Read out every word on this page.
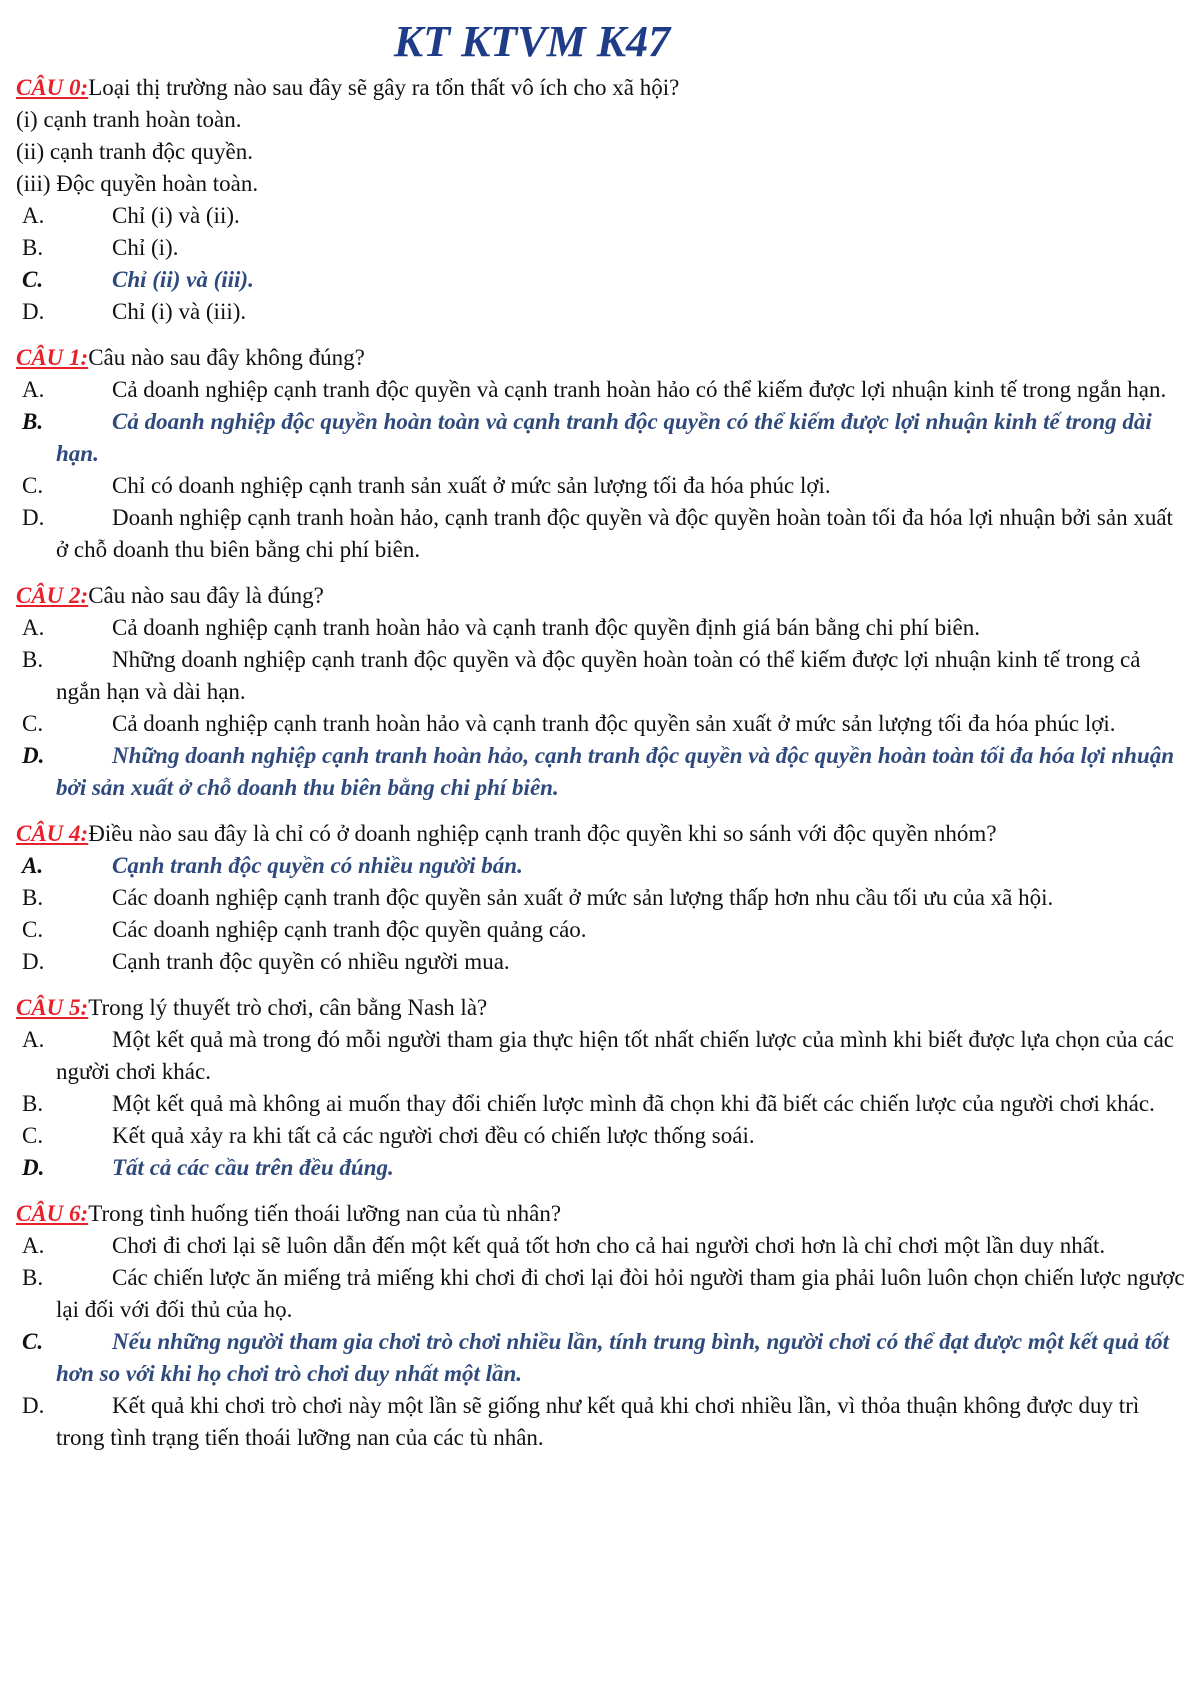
KT KTVM K47
CÂU 0:Loại thị trường nào sau đây sẽ gây ra tổn thất vô ích cho xã hội?
(i) cạnh tranh hoàn toàn.
(ii) cạnh tranh độc quyền.
(iii) Độc quyền hoàn toàn.
A.	Chỉ (i) và (ii).
B.	Chỉ (i).
C.	Chỉ (ii) và (iii).
D.	Chỉ (i) và (iii).
CÂU 1:Câu nào sau đây không đúng?
A.	Cả doanh nghiệp cạnh tranh độc quyền và cạnh tranh hoàn hảo có thể kiếm được lợi nhuận kinh tế trong ngắn hạn.
B.	Cả doanh nghiệp độc quyền hoàn toàn và cạnh tranh độc quyền có thể kiếm được lợi nhuận kinh tế trong dài hạn.
C.	Chỉ có doanh nghiệp cạnh tranh sản xuất ở mức sản lượng tối đa hóa phúc lợi.
D.	Doanh nghiệp cạnh tranh hoàn hảo, cạnh tranh độc quyền và độc quyền hoàn toàn tối đa hóa lợi nhuận bởi sản xuất ở chỗ doanh thu biên bằng chi phí biên.
CÂU 2:Câu nào sau đây là đúng?
A.	Cả doanh nghiệp cạnh tranh hoàn hảo và cạnh tranh độc quyền định giá bán bằng chi phí biên.
B.	Những doanh nghiệp cạnh tranh độc quyền và độc quyền hoàn toàn có thể kiếm được lợi nhuận kinh tế trong cả ngắn hạn và dài hạn.
C.	Cả doanh nghiệp cạnh tranh hoàn hảo và cạnh tranh độc quyền sản xuất ở mức sản lượng tối đa hóa phúc lợi.
D.	Những doanh nghiệp cạnh tranh hoàn hảo, cạnh tranh độc quyền và độc quyền hoàn toàn tối đa hóa lợi nhuận bởi sản xuất ở chỗ doanh thu biên bằng chi phí biên.
CÂU 4:Điều nào sau đây là chỉ có ở doanh nghiệp cạnh tranh độc quyền khi so sánh với độc quyền nhóm?
A.	Cạnh tranh độc quyền có nhiều người bán.
B.	Các doanh nghiệp cạnh tranh độc quyền sản xuất ở mức sản lượng thấp hơn nhu cầu tối ưu của xã hội.
C.	Các doanh nghiệp cạnh tranh độc quyền quảng cáo.
D.	Cạnh tranh độc quyền có nhiều người mua.
CÂU 5:Trong lý thuyết trò chơi, cân bằng Nash là?
A.	Một kết quả mà trong đó mỗi người tham gia thực hiện tốt nhất chiến lược của mình khi biết được lựa chọn của các người chơi khác.
B.	Một kết quả mà không ai muốn thay đổi chiến lược mình đã chọn khi đã biết các chiến lược của người chơi khác.
C.	Kết quả xảy ra khi tất cả các người chơi đều có chiến lược thống soái.
D.	Tất cả các cầu trên đều đúng.
CÂU 6:Trong tình huống tiến thoái lưỡng nan của tù nhân?
A.	Chơi đi chơi lại sẽ luôn dẫn đến một kết quả tốt hơn cho cả hai người chơi hơn là chỉ chơi một lần duy nhất.
B.	Các chiến lược ăn miếng trả miếng khi chơi đi chơi lại đòi hỏi người tham gia phải luôn luôn chọn chiến lược ngược lại đối với đối thủ của họ.
C.	Nếu những người tham gia chơi trò chơi nhiều lần, tính trung bình, người chơi có thể đạt được một kết quả tốt hơn so với khi họ chơi trò chơi duy nhất một lần.
D.	Kết quả khi chơi trò chơi này một lần sẽ giống như kết quả khi chơi nhiều lần, vì thỏa thuận không được duy trì trong tình trạng tiến thoái lưỡng nan của các tù nhân.
